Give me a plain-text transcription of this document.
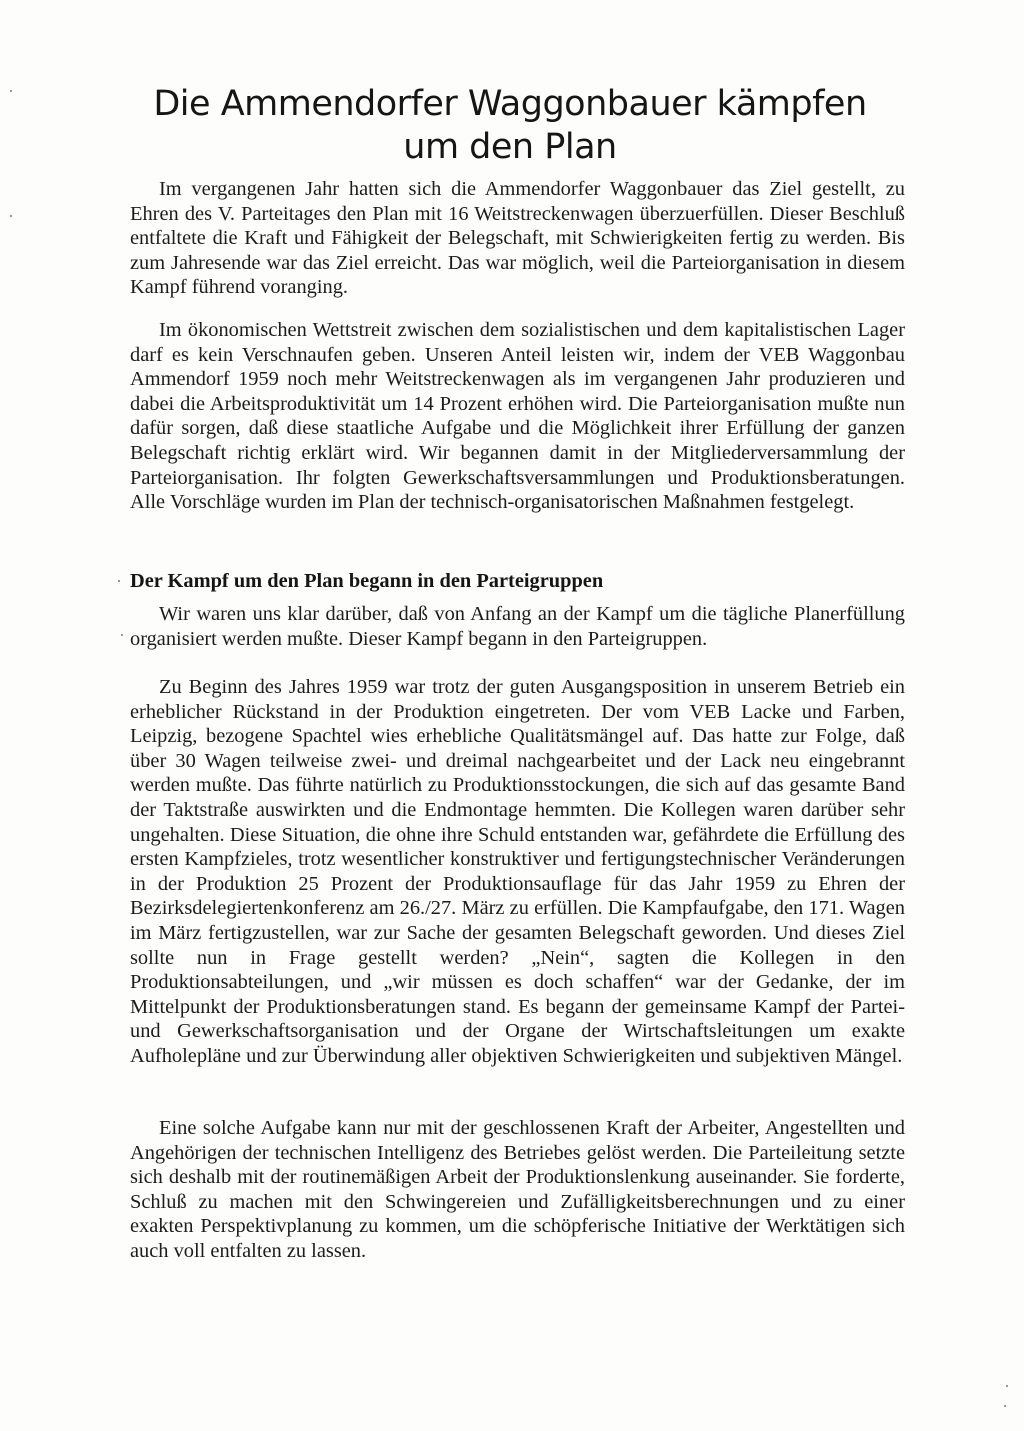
Die Ammendorfer Waggonbauer kämpfen
um den Plan

Im vergangenen Jahr hatten sich die Ammendorfer Waggonbauer das Ziel gestellt, zu Ehren des V. Parteitages den Plan mit 16 Weitstreckenwagen überzuerfüllen. Dieser Beschluß entfaltete die Kraft und Fähigkeit der Belegschaft, mit Schwierigkeiten fertig zu werden. Bis zum Jahresende war das Ziel erreicht. Das war möglich, weil die Parteiorganisation in diesem Kampf führend voranging.

Im ökonomischen Wettstreit zwischen dem sozialistischen und dem kapitalistischen Lager darf es kein Verschnaufen geben. Unseren Anteil leisten wir, indem der VEB Waggonbau Ammendorf 1959 noch mehr Weitstreckenwagen als im vergangenen Jahr produzieren und dabei die Arbeitsproduktivität um 14 Prozent erhöhen wird. Die Parteiorganisation mußte nun dafür sorgen, daß diese staatliche Aufgabe und die Möglichkeit ihrer Erfüllung der ganzen Belegschaft richtig erklärt wird. Wir begannen damit in der Mitgliederversammlung der Parteiorganisation. Ihr folgten Gewerkschaftsversammlungen und Produktionsberatungen. Alle Vorschläge wurden im Plan der technisch-organisatorischen Maßnahmen festgelegt.

Der Kampf um den Plan begann in den Parteigruppen

Wir waren uns klar darüber, daß von Anfang an der Kampf um die tägliche Planerfüllung organisiert werden mußte. Dieser Kampf begann in den Parteigruppen.

Zu Beginn des Jahres 1959 war trotz der guten Ausgangsposition in unserem Betrieb ein erheblicher Rückstand in der Produktion eingetreten. Der vom VEB Lacke und Farben, Leipzig, bezogene Spachtel wies erhebliche Qualitätsmängel auf. Das hatte zur Folge, daß über 30 Wagen teilweise zwei- und dreimal nachgearbeitet und der Lack neu eingebrannt werden mußte. Das führte natürlich zu Produktionsstockungen, die sich auf das gesamte Band der Taktstraße auswirkten und die Endmontage hemmten. Die Kollegen waren darüber sehr ungehalten. Diese Situation, die ohne ihre Schuld entstanden war, gefährdete die Erfüllung des ersten Kampfzieles, trotz wesentlicher konstruktiver und fertigungstechnischer Veränderungen in der Produktion 25 Prozent der Produktionsauflage für das Jahr 1959 zu Ehren der Bezirksdelegiertenkonferenz am 26./27. März zu erfüllen. Die Kampfaufgabe, den 171. Wagen im März fertigzustellen, war zur Sache der gesamten Belegschaft geworden. Und dieses Ziel sollte nun in Frage gestellt werden? „Nein“, sagten die Kollegen in den Produktionsabteilungen, und „wir müssen es doch schaffen“ war der Gedanke, der im Mittelpunkt der Produktionsberatungen stand. Es begann der gemeinsame Kampf der Partei- und Gewerkschaftsorganisation und der Organe der Wirtschaftsleitungen um exakte Aufholepläne und zur Überwindung aller objektiven Schwierigkeiten und subjektiven Mängel.

Eine solche Aufgabe kann nur mit der geschlossenen Kraft der Arbeiter, Angestellten und Angehörigen der technischen Intelligenz des Betriebes gelöst werden. Die Parteileitung setzte sich deshalb mit der routinemäßigen Arbeit der Produktionslenkung auseinander. Sie forderte, Schluß zu machen mit den Schwingereien und Zufälligkeitsberechnungen und zu einer exakten Perspektivplanung zu kommen, um die schöpferische Initiative der Werktätigen sich auch voll entfalten zu lassen.
